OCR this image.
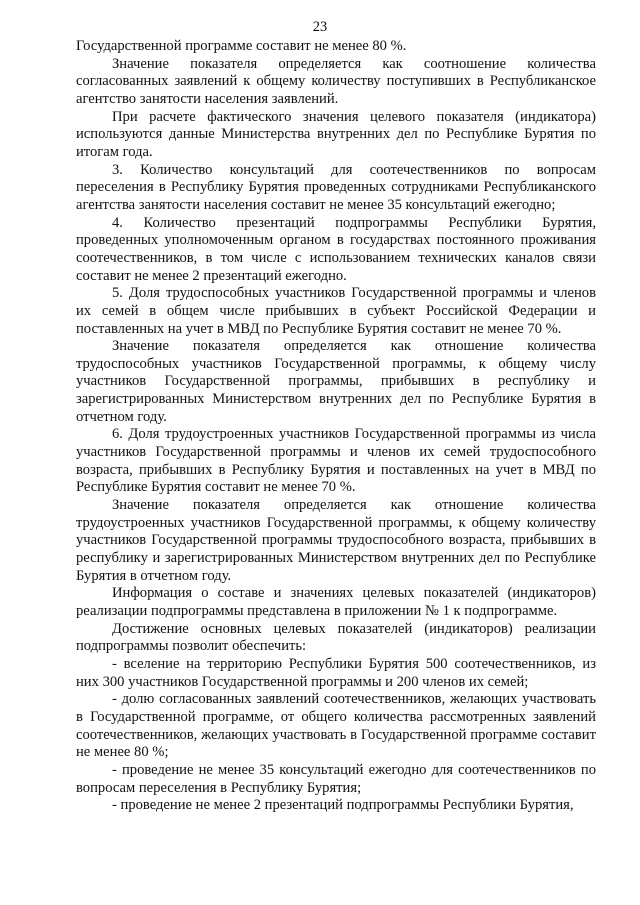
23

Государственной программе составит не менее 80 %.

Значение показателя определяется как соотношение количества согласованных заявлений к общему количеству поступивших в Республиканское агентство занятости населения заявлений.

При расчете фактического значения целевого показателя (индикатора) используются данные Министерства внутренних дел по Республике Бурятия по итогам года.

3. Количество консультаций для соотечественников по вопросам переселения в Республику Бурятия проведенных сотрудниками Республиканского агентства занятости населения составит не менее 35 консультаций ежегодно;

4. Количество презентаций подпрограммы Республики Бурятия, проведенных уполномоченным органом в государствах постоянного проживания соотечественников, в том числе с использованием технических каналов связи составит не менее 2 презентаций ежегодно.

5. Доля трудоспособных участников Государственной программы и членов их семей в общем числе прибывших в субъект Российской Федерации и поставленных на учет в МВД по Республике Бурятия составит не менее 70 %.

Значение показателя определяется как отношение количества трудоспособных участников Государственной программы, к общему числу участников Государственной программы, прибывших в республику и зарегистрированных Министерством внутренних дел по Республике Бурятия в отчетном году.

6. Доля трудоустроенных участников Государственной программы из числа участников Государственной программы и членов их семей трудоспособного возраста, прибывших в Республику Бурятия и поставленных на учет в МВД по Республике Бурятия составит не менее 70 %.

Значение показателя определяется как отношение количества трудоустроенных участников Государственной программы, к общему количеству участников Государственной программы трудоспособного возраста, прибывших в республику и зарегистрированных Министерством внутренних дел по Республике Бурятия в отчетном году.

Информация о составе и значениях целевых показателей (индикаторов) реализации подпрограммы представлена в приложении № 1 к подпрограмме.

Достижение основных целевых показателей (индикаторов) реализации подпрограммы позволит обеспечить:

- вселение на территорию Республики Бурятия 500 соотечественников, из них 300 участников Государственной программы и 200 членов их семей;

- долю согласованных заявлений соотечественников, желающих участвовать в Государственной программе, от общего количества рассмотренных заявлений соотечественников, желающих участвовать в Государственной программе составит не менее 80 %;

- проведение не менее 35 консультаций ежегодно для соотечественников по вопросам переселения в Республику Бурятия;

- проведение не менее 2 презентаций подпрограммы Республики Бурятия,
